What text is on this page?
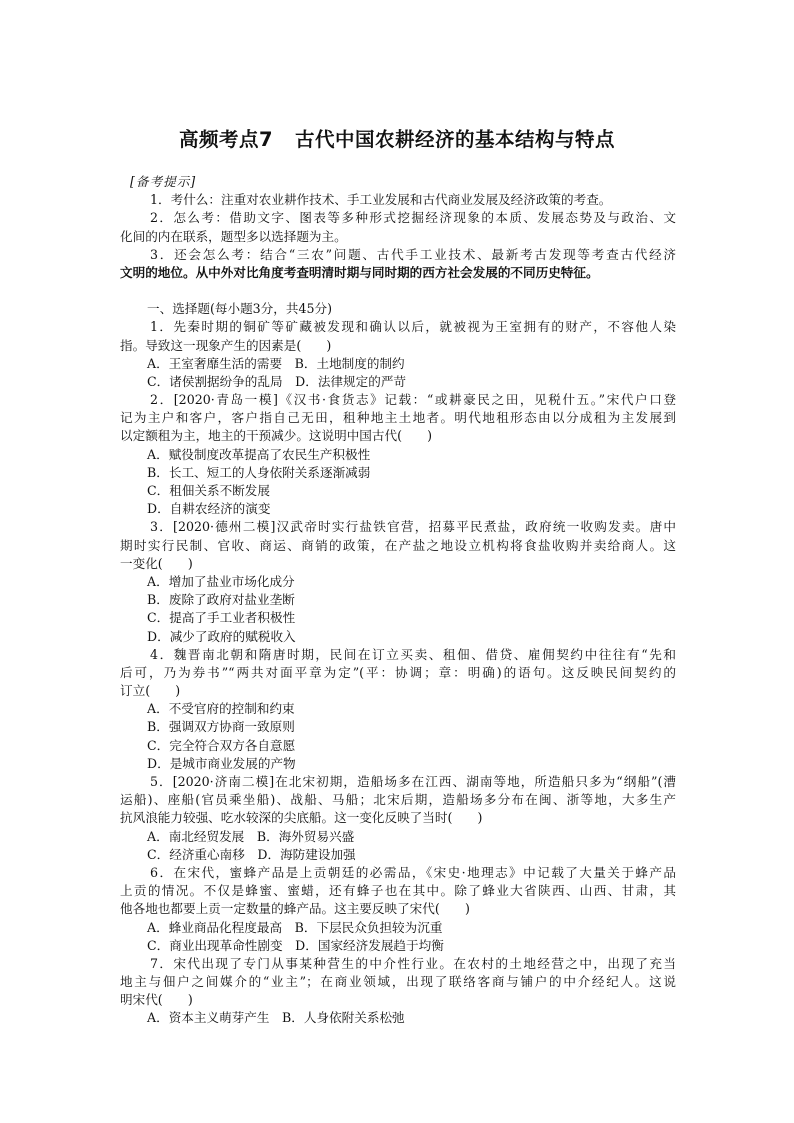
高频考点7 古代中国农耕经济的基本结构与特点
[备考提示]
1．考什么：注重对农业耕作技术、手工业发展和古代商业发展及经济政策的考查。
2．怎么考：借助文字、图表等多种形式挖掘经济现象的本质、发展态势及与政治、文
化间的内在联系，题型多以选择题为主。
3．还会怎么考：结合“三农”问题、古代手工业技术、最新考古发现等考查古代经济
文明的地位。从中外对比角度考查明清时期与同时期的西方社会发展的不同历史特征。
一、选择题(每小题3分，共45分)
1．先秦时期的铜矿等矿藏被发现和确认以后，就被视为王室拥有的财产，不容他人染
指。导致这一现象产生的因素是(　　)
A．王室奢靡生活的需要　B．土地制度的制约
C．诸侯割据纷争的乱局　D．法律规定的严苛
2．[2020·青岛一模]《汉书·食货志》记载：“或耕豪民之田，见税什五。”宋代户口登
记为主户和客户，客户指自己无田，租种地主土地者。明代地租形态由以分成租为主发展到
以定额租为主，地主的干预减少。这说明中国古代(　　)
A．赋役制度改革提高了农民生产积极性
B．长工、短工的人身依附关系逐渐减弱
C．租佃关系不断发展
D．自耕农经济的演变
3．[2020·德州二模]汉武帝时实行盐铁官营，招募平民煮盐，政府统一收购发卖。唐中
期时实行民制、官收、商运、商销的政策，在产盐之地设立机构将食盐收购并卖给商人。这
一变化(　　)
A．增加了盐业市场化成分
B．废除了政府对盐业垄断
C．提高了手工业者积极性
D．减少了政府的赋税收入
4．魏晋南北朝和隋唐时期，民间在订立买卖、租佃、借贷、雇佣契约中往往有“先和
后可，乃为券书”“两共对面平章为定”(平：协调；章：明确)的语句。这反映民间契约的
订立(　　)
A．不受官府的控制和约束
B．强调双方协商一致原则
C．完全符合双方各自意愿
D．是城市商业发展的产物
5．[2020·济南二模]在北宋初期，造船场多在江西、湖南等地，所造船只多为“纲船”(漕
运船)、座船(官员乘坐船)、战船、马船；北宋后期，造船场多分布在闽、浙等地，大多生产
抗风浪能力较强、吃水较深的尖底船。这一变化反映了当时(　　)
A．南北经贸发展　B．海外贸易兴盛
C．经济重心南移　D．海防建设加强
6．在宋代，蜜蜂产品是上贡朝廷的必需品，《宋史·地理志》中记载了大量关于蜂产品
上贡的情况。不仅是蜂蜜、蜜蜡，还有蜂子也在其中。除了蜂业大省陕西、山西、甘肃，其
他各地也都要上贡一定数量的蜂产品。这主要反映了宋代(　　)
A．蜂业商品化程度最高　B．下层民众负担较为沉重
C．商业出现革命性剧变　D．国家经济发展趋于均衡
7．宋代出现了专门从事某种营生的中介性行业。在农村的土地经营之中，出现了充当
地主与佃户之间媒介的“业主”；在商业领域，出现了联络客商与铺户的中介经纪人。这说
明宋代(　　)
A．资本主义萌芽产生　B．人身依附关系松弛
